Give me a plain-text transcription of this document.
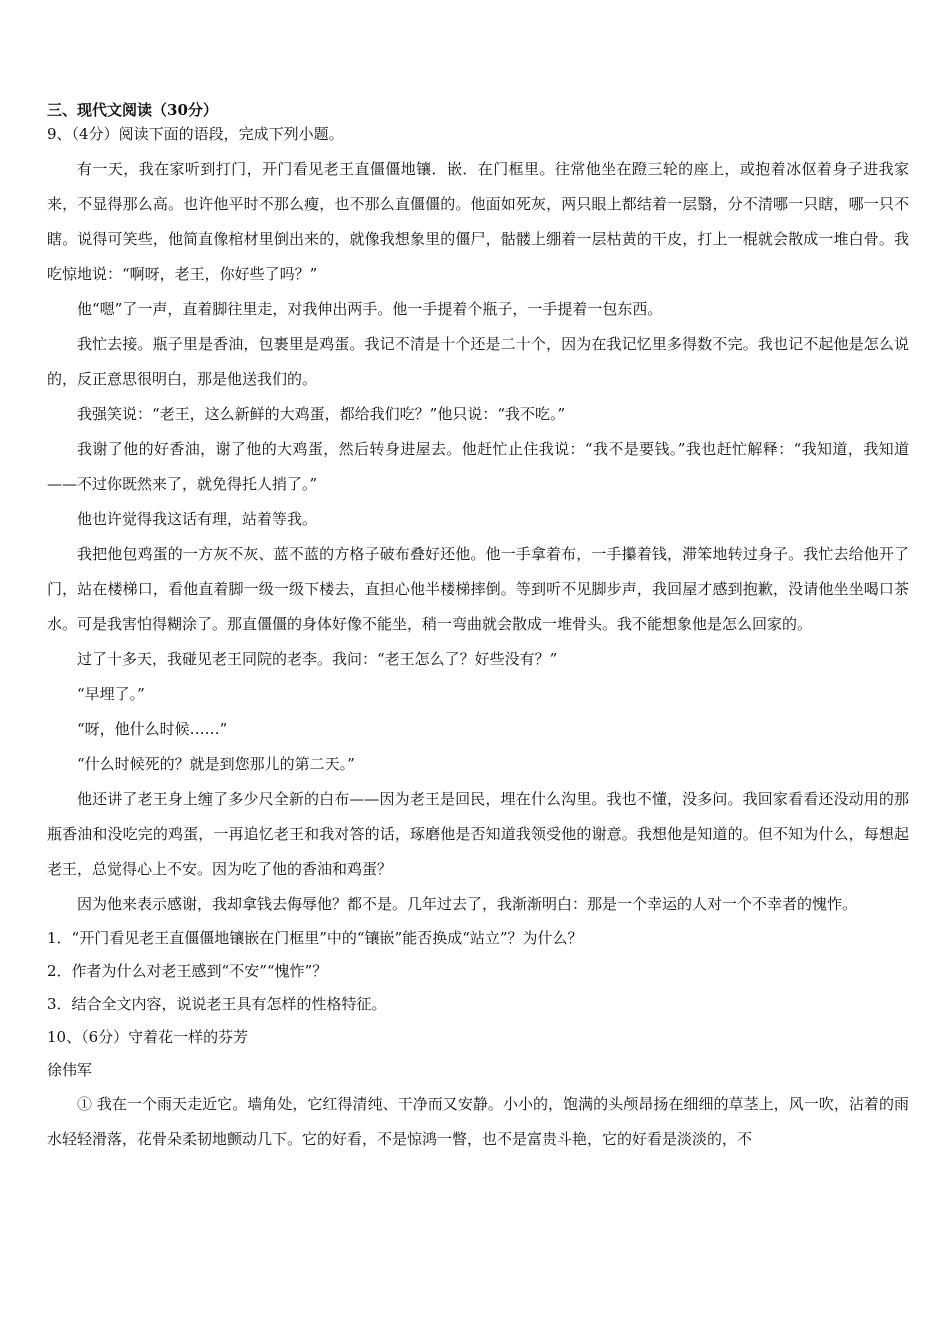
三、现代文阅读（30分）

9、（4分）阅读下面的语段，完成下列小题。

有一天，我在家听到打门，开门看见老王直僵僵地镶．嵌．在门框里。往常他坐在蹬三轮的座上，或抱着冰伛着身子进我家来，不显得那么高。也许他平时不那么瘦，也不那么直僵僵的。他面如死灰，两只眼上都结着一层翳，分不清哪一只瞎，哪一只不瞎。说得可笑些，他简直像棺材里倒出来的，就像我想象里的僵尸，骷髅上绷着一层枯黄的干皮，打上一棍就会散成一堆白骨。我吃惊地说：“啊呀，老王，你好些了吗？”

他“嗯”了一声，直着脚往里走，对我伸出两手。他一手提着个瓶子，一手提着一包东西。

我忙去接。瓶子里是香油，包裹里是鸡蛋。我记不清是十个还是二十个，因为在我记忆里多得数不完。我也记不起他是怎么说的，反正意思很明白，那是他送我们的。

我强笑说：“老王，这么新鲜的大鸡蛋，都给我们吃？”他只说：“我不吃。”

我谢了他的好香油，谢了他的大鸡蛋，然后转身进屋去。他赶忙止住我说：“我不是要钱。”我也赶忙解释：“我知道，我知道——不过你既然来了，就免得托人捎了。”

他也许觉得我这话有理，站着等我。

我把他包鸡蛋的一方灰不灰、蓝不蓝的方格子破布叠好还他。他一手拿着布，一手攥着钱，滞笨地转过身子。我忙去给他开了门，站在楼梯口，看他直着脚一级一级下楼去，直担心他半楼梯摔倒。等到听不见脚步声，我回屋才感到抱歉，没请他坐坐喝口茶水。可是我害怕得糊涂了。那直僵僵的身体好像不能坐，稍一弯曲就会散成一堆骨头。我不能想象他是怎么回家的。

过了十多天，我碰见老王同院的老李。我问：“老王怎么了？好些没有？”

“早埋了。”

“呀，他什么时候……”

“什么时候死的？就是到您那儿的第二天。”

他还讲了老王身上缠了多少尺全新的白布——因为老王是回民，埋在什么沟里。我也不懂，没多问。我回家看看还没动用的那瓶香油和没吃完的鸡蛋，一再追忆老王和我对答的话，琢磨他是否知道我领受他的谢意。我想他是知道的。但不知为什么，每想起老王，总觉得心上不安。因为吃了他的香油和鸡蛋？

因为他来表示感谢，我却拿钱去侮辱他？都不是。几年过去了，我渐渐明白：那是一个幸运的人对一个不幸者的愧怍。

1．“开门看见老王直僵僵地镶嵌在门框里”中的“镶嵌”能否换成“站立”？为什么？

2．作者为什么对老王感到“不安”“愧怍”？

3．结合全文内容，说说老王具有怎样的性格特征。

10、（6分）守着花一样的芬芳

徐伟军

① 我在一个雨天走近它。墙角处，它红得清纯、干净而又安静。小小的，饱满的头颅昂扬在细细的草茎上，风一吹，沾着的雨水轻轻滑落，花骨朵柔韧地颤动几下。它的好看，不是惊鸿一瞥，也不是富贵斗艳，它的好看是淡淡的，不
